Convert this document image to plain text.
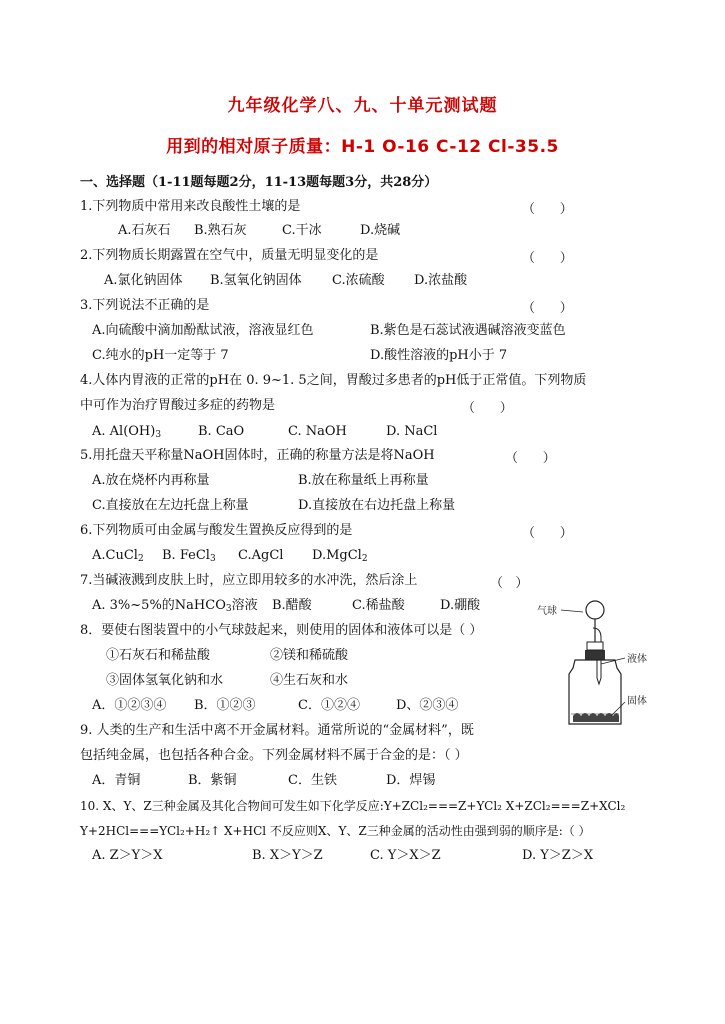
九年级化学八、九、十单元测试题
用到的相对原子质量：H-1 O-16 C-12 Cl-35.5
一、选择题（1-11题每题2分，11-13题每题3分，共28分）
1.下列物质中常用来改良酸性土壤的是	（      ）
A.石灰石 B.熟石灰	C.干冰	D.烧碱
2.下列物质长期露置在空气中，质量无明显变化的是	（      ）
A.氯化钠固体 B.氢氧化钠固体 C.浓硫酸 D.浓盐酸
3.下列说法不正确的是	（      ）
A.向硫酸中滴加酚酞试液，溶液显红色	B.紫色是石蕊试液遇碱溶液变蓝色
C.纯水的pH一定等于 7	D.酸性溶液的pH小于 7
4.人体内胃液的正常的pH在 0. 9~1. 5之间，胃酸过多患者的pH低于正常值。下列物质
中可作为治疗胃酸过多症的药物是	（      ）
A. $Al(OH)_3$	B. CaO	C. NaOH	D. NaCl
5.用托盘天平称量NaOH固体时，正确的称量方法是将NaOH	（      ）
A.放在烧杯内再称量	B.放在称量纸上再称量
C.直接放在左边托盘上称量	D.直接放在右边托盘上称量
6.下列物质可由金属与酸发生置换反应得到的是	（      ）
A.CuCl$_2$ B. FeCl$_3$ C.AgCl D.MgCl$_2$
7.当碱液溅到皮肤上时，应立即用较多的水冲洗，然后涂上	（   ）
A. 3%~5%的NaHCO$_3$溶液 B.醋酸	C.稀盐酸	D.硼酸
8．要使右图装置中的小气球鼓起来，则使用的固体和液体可以是（ ）
①石灰石和稀盐酸	②镁和稀硫酸
③固体氢氧化钠和水	④生石灰和水
A．①②③④ B．①②③	C．①②④	D、②③④
气球
液体
固体
9. 人类的生产和生活中离不开金属材料。通常所说的“金属材料”，既
包括纯金属，也包括各种合金。下列金属材料不属于合金的是：（ ）
A．青铜	B．紫铜	C．生铁	D．焊锡
10. X、Y、Z三种金属及其化合物间可发生如下化学反应:Y+ZCl₂===Z+YCl₂ X+ZCl₂===Z+XCl₂
Y+2HCl===YCl₂+H₂↑ X+HCl 不反应则X、Y、Z三种金属的活动性由强到弱的顺序是:（ ）
A. Z＞Y＞X	B. X＞Y＞Z	C. Y＞X＞Z	D. Y＞Z＞X
